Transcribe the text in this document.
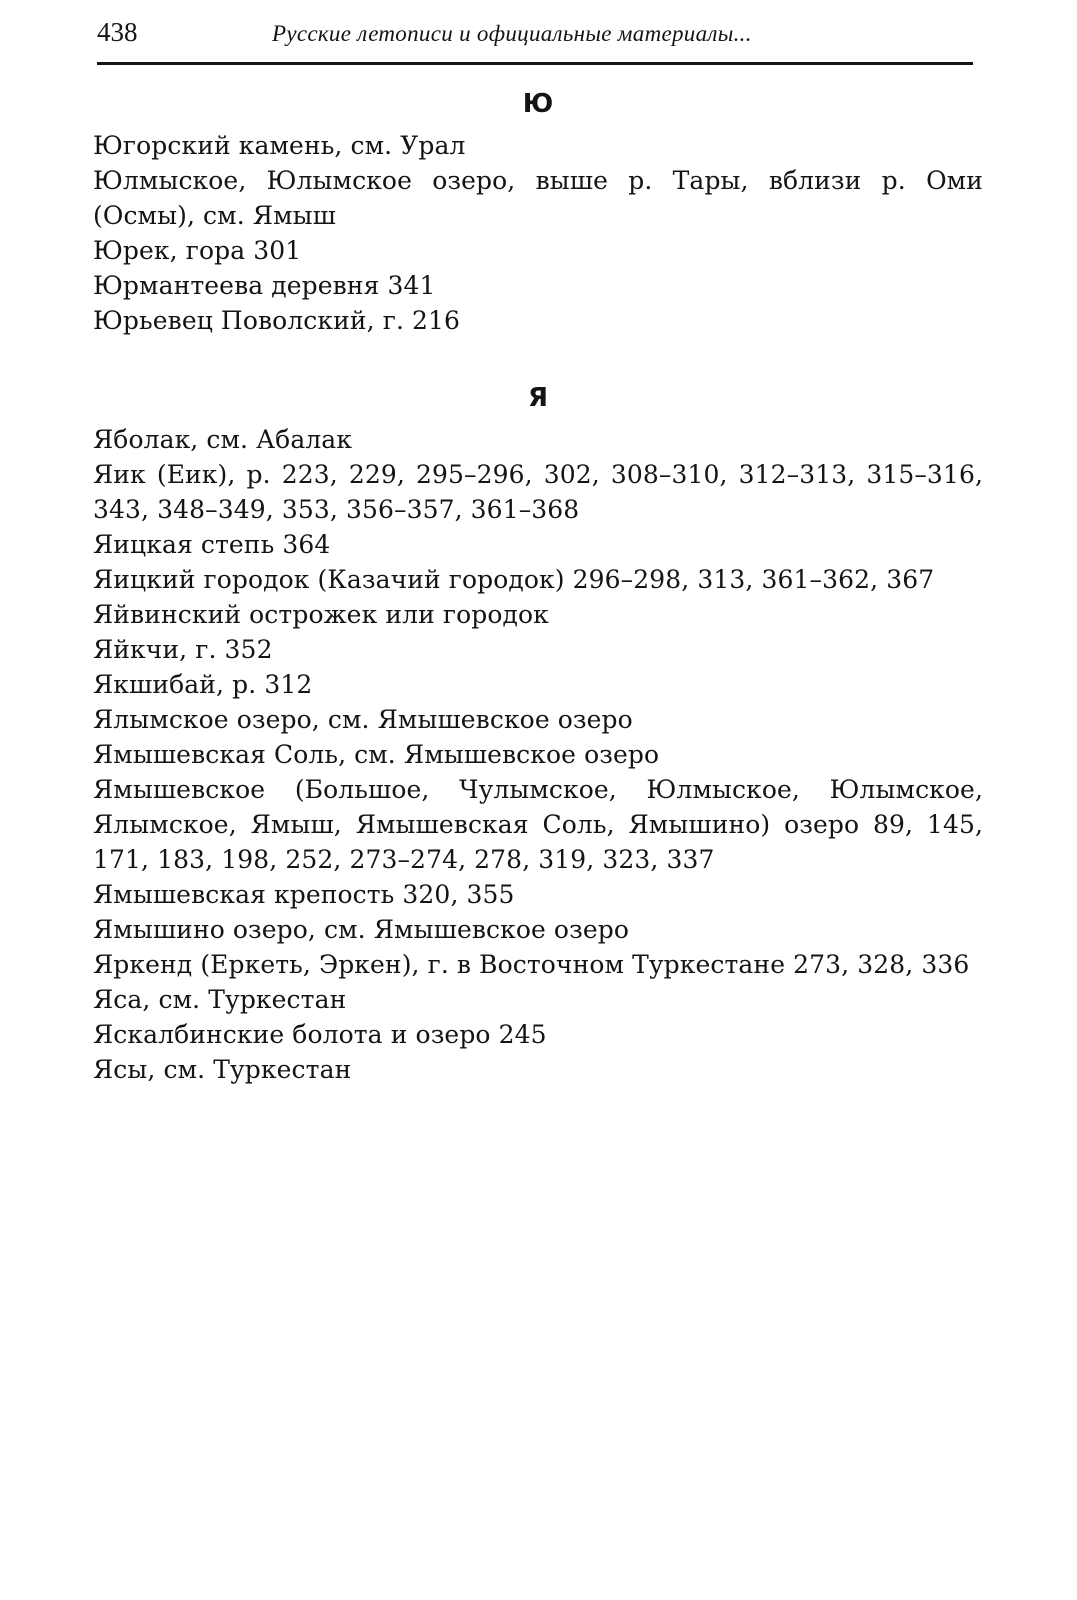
438	Русские летописи и официальные материалы...
Ю
Югорский камень, см. Урал
Юлмыское, Юлымское озеро, выше р. Тары, вблизи р. Оми (Осмы), см. Ямыш
Юрек, гора 301
Юрмантеева деревня 341
Юрьевец Поволский, г. 216
Я
Яболак, см. Абалак
Яик (Еик), р. 223, 229, 295–296, 302, 308–310, 312–313, 315–316, 343, 348–349, 353, 356–357, 361–368
Яицкая степь 364
Яицкий городок (Казачий городок) 296–298, 313, 361–362, 367
Яйвинский острожек или городок
Яйкчи, г. 352
Якшибай, р. 312
Ялымское озеро, см. Ямышевское озеро
Ямышевская Соль, см. Ямышевское озеро
Ямышевское (Большое, Чулымское, Юлмыское, Юлымское, Ялымское, Ямыш, Ямышевская Соль, Ямышино) озеро 89, 145, 171, 183, 198, 252, 273–274, 278, 319, 323, 337
Ямышевская крепость 320, 355
Ямышино озеро, см. Ямышевское озеро
Яркенд (Еркеть, Эркен), г. в Восточном Туркестане 273, 328, 336
Яса, см. Туркестан
Яскалбинские болота и озеро 245
Ясы, см. Туркестан
